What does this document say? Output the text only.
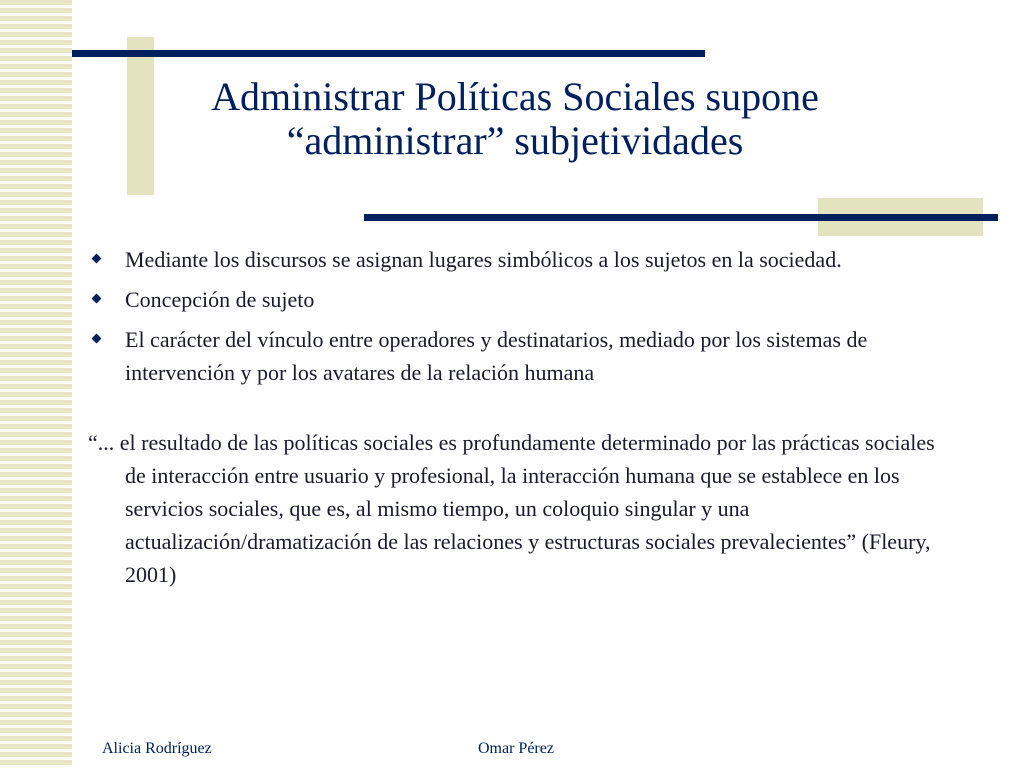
Administrar Políticas Sociales supone
“administrar” subjetividades
Mediante los discursos se asignan lugares simbólicos a los sujetos en la sociedad.
Concepción de sujeto
El carácter del vínculo entre operadores y destinatarios, mediado por los sistemas de intervención y por los avatares de la relación humana

“... el resultado de las políticas sociales es profundamente determinado por las prácticas sociales de interacción entre usuario y profesional, la interacción humana que se establece en los servicios sociales, que es, al mismo tiempo, un coloquio singular y una actualización/dramatización de las relaciones y estructuras sociales prevalecientes” (Fleury, 2001)

Alicia Rodríguez	Omar Pérez
